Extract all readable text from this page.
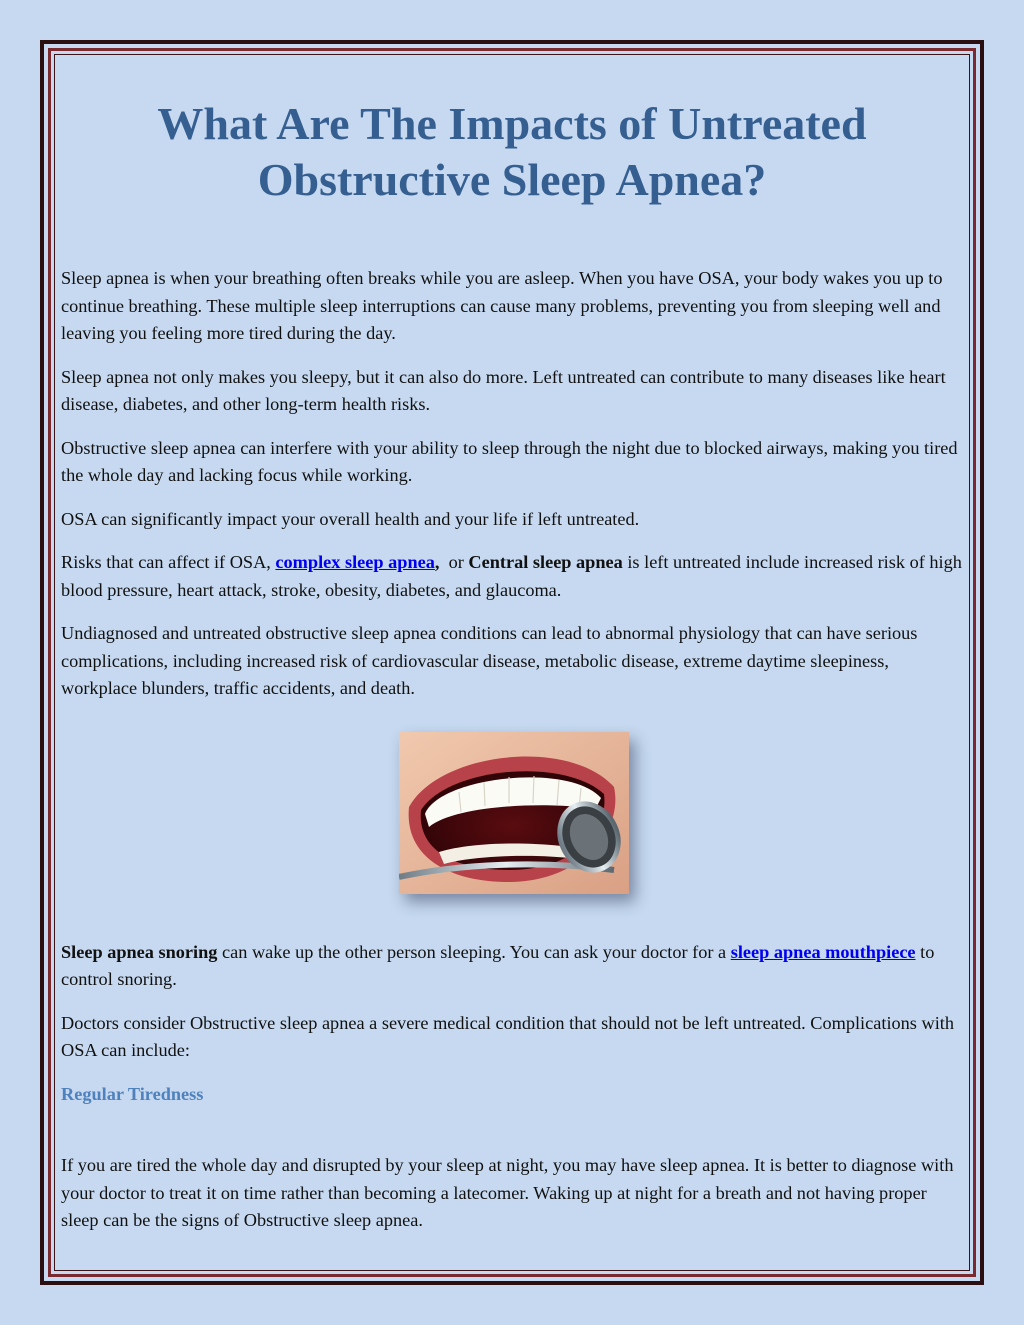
What Are The Impacts of Untreated Obstructive Sleep Apnea?

Sleep apnea is when your breathing often breaks while you are asleep. When you have OSA, your body wakes you up to continue breathing. These multiple sleep interruptions can cause many problems, preventing you from sleeping well and leaving you feeling more tired during the day.

Sleep apnea not only makes you sleepy, but it can also do more. Left untreated can contribute to many diseases like heart disease, diabetes, and other long-term health risks.

Obstructive sleep apnea can interfere with your ability to sleep through the night due to blocked airways, making you tired the whole day and lacking focus while working.

OSA can significantly impact your overall health and your life if left untreated.

Risks that can affect if OSA, complex sleep apnea,  or Central sleep apnea is left untreated include increased risk of high blood pressure, heart attack, stroke, obesity, diabetes, and glaucoma.

Undiagnosed and untreated obstructive sleep apnea conditions can lead to abnormal physiology that can have serious complications, including increased risk of cardiovascular disease, metabolic disease, extreme daytime sleepiness, workplace blunders, traffic accidents, and death.

Sleep apnea snoring can wake up the other person sleeping. You can ask your doctor for a sleep apnea mouthpiece to control snoring.

Doctors consider Obstructive sleep apnea a severe medical condition that should not be left untreated. Complications with OSA can include:

Regular Tiredness

If you are tired the whole day and disrupted by your sleep at night, you may have sleep apnea. It is better to diagnose with your doctor to treat it on time rather than becoming a latecomer. Waking up at night for a breath and not having proper sleep can be the signs of Obstructive sleep apnea.
